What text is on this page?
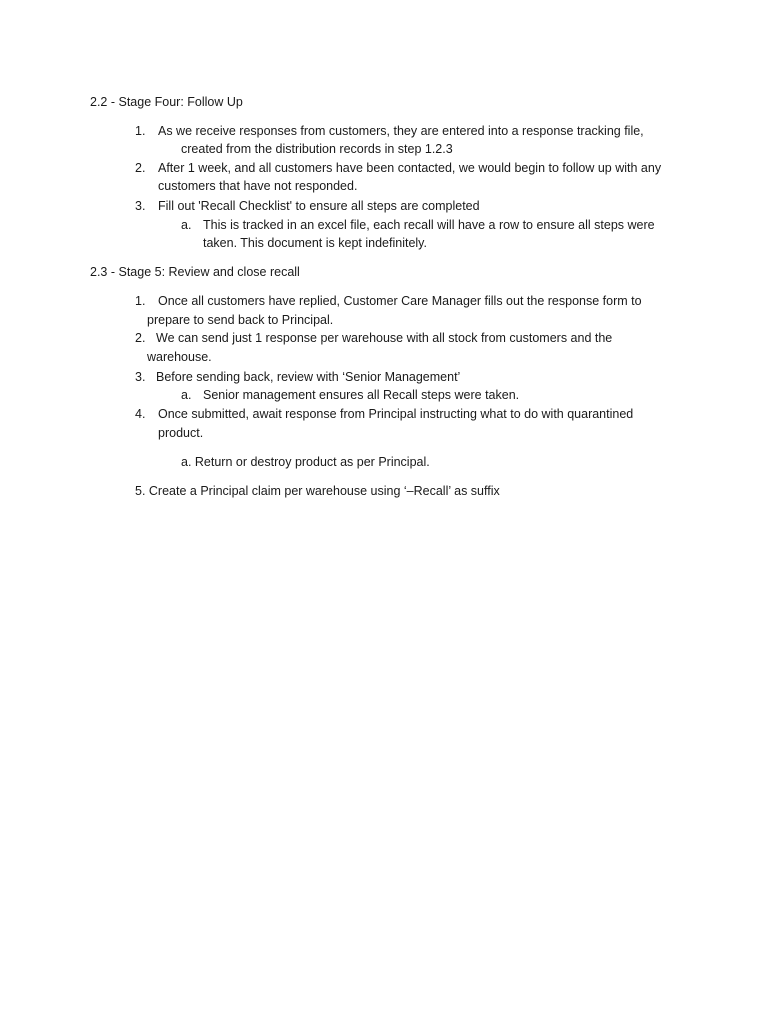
2.2 - Stage Four: Follow Up
1. As we receive responses from customers, they are entered into a response tracking file,
created from the distribution records in step 1.2.3
2. After 1 week, and all customers have been contacted, we would begin to follow up with any
customers that have not responded.
3. Fill out 'Recall Checklist' to ensure all steps are completed
a. This is tracked in an excel file, each recall will have a row to ensure all steps were
taken. This document is kept indefinitely.
2.3 - Stage 5: Review and close recall
1. Once all customers have replied, Customer Care Manager fills out the response form to
prepare to send back to Principal.
2. We can send just 1 response per warehouse with all stock from customers and the
warehouse.
3. Before sending back, review with ‘Senior Management’
a. Senior management ensures all Recall steps were taken.
4. Once submitted, await response from Principal instructing what to do with quarantined
product.
a. Return or destroy product as per Principal.
5. Create a Principal claim per warehouse using ‘–Recall’ as suffix
